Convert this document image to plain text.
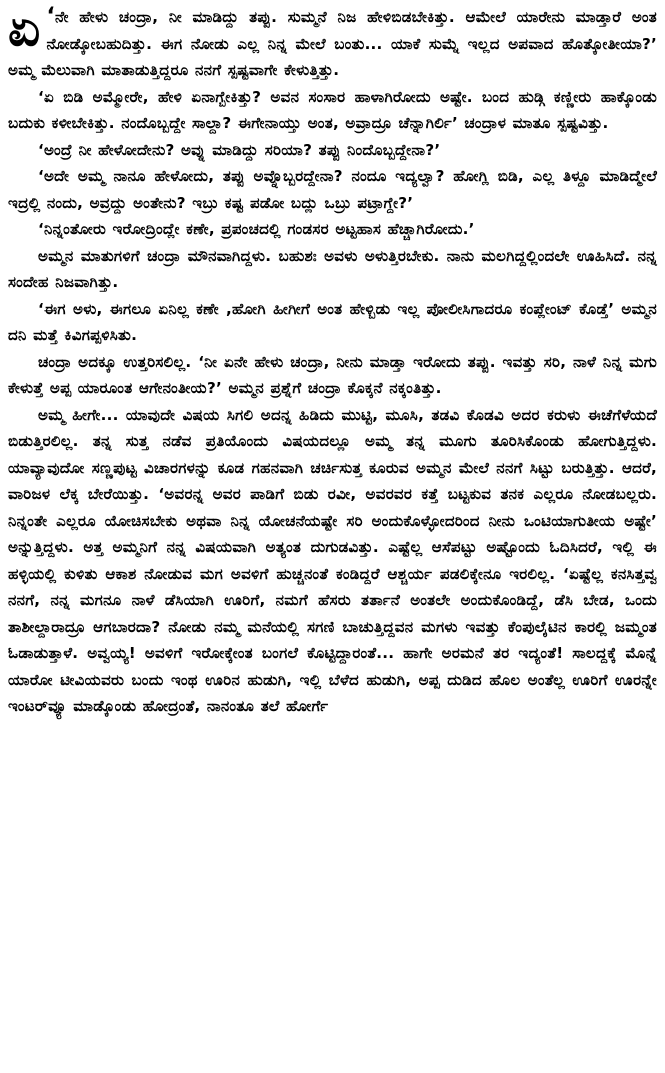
‘
ಏ ನೇ ಹೇಳು ಚಂದ್ರಾ, ನೀ ಮಾಡಿದ್ದು ತಪ್ಪು. ಸುಮ್ಮನೆ ನಿಜ ಹೇಳಿಬಿಡಬೇಕಿತ್ತು. ಆಮೇಲೆ ಯಾರೇನು ಮಾಡ್ತಾರೆ ಅಂತ ನೋಡ್ಕೋಬಹುದಿತ್ತು. ಈಗ ನೋಡು ಎಲ್ಲ ನಿನ್ನ ಮೇಲೆ ಬಂತು... ಯಾಕೆ ಸುಮ್ನೆ ಇಲ್ಲದ ಅಪವಾದ ಹೊತ್ಕೋತೀಯಾ?’ ಅಮ್ಮ ಮೆಲುವಾಗಿ ಮಾತಾಡುತ್ತಿದ್ದರೂ ನನಗೆ ಸ್ಪಷ್ಟವಾಗೇ ಕೇಳುತ್ತಿತ್ತು.

‘ಏ ಬಿಡಿ ಅಮ್ಮೋರೇ, ಹೇಳಿ ಏನಾಗ್ಬೇಕಿತ್ತು? ಅವನ ಸಂಸಾರ ಹಾಳಾಗಿರೋದು ಅಷ್ಟೇ. ಬಂದ ಹುಡ್ಗಿ ಕಣ್ಣೀರು ಹಾಕ್ಕೊಂಡು ಬದುಕು ಕಳೀಬೇಕಿತ್ತು. ನಂದೊಬ್ಬದ್ದೇ ಸಾಲ್ದಾ? ಈಗೇನಾಯ್ತು ಅಂತ, ಅವ್ರಾದ್ರೂ ಚೆನ್ನಾಗಿರ್ಲಿ’ ಚಂದ್ರಾಳ ಮಾತೂ ಸ್ಪಷ್ಟವಿತ್ತು.

‘ಅಂದ್ರೆ ನೀ ಹೇಳೋದೇನು? ಅವ್ನು ಮಾಡಿದ್ದು ಸರಿಯಾ? ತಪ್ಪು ನಿಂದೊಬ್ಬದ್ದೇನಾ?’

‘ಅದೇ ಅಮ್ಮ ನಾನೂ ಹೇಳೋದು, ತಪ್ಪು ಅವ್ನೊಬ್ಬರದ್ದೇನಾ? ನಂದೂ ಇದ್ಯಲ್ವಾ? ಹೋಗ್ಲಿ ಬಿಡಿ, ಎಲ್ಲ ತಿಳ್ದೂ ಮಾಡಿದ್ಮೇಲೆ ಇದ್ರಲ್ಲಿ ನಂದು, ಅವ್ರದ್ದು ಅಂತೇನು? ಇಬ್ರು ಕಷ್ಟ ಪಡೋ ಬದ್ಲು ಒಬ್ರು ಪಟ್ರಾಗ್ದೇ?’

‘ನಿನ್ನಂತೋರು ಇರೋದ್ರಿಂದ್ಲೇ ಕಣೇ, ಪ್ರಪಂಚದಲ್ಲಿ ಗಂಡಸರ ಅಟ್ಟಹಾಸ ಹೆಚ್ಚಾಗಿರೋದು.’

ಅಮ್ಮನ ಮಾತುಗಳಿಗೆ ಚಂದ್ರಾ ಮೌನವಾಗಿದ್ದಳು. ಬಹುಶಃ ಅವಳು ಅಳುತ್ತಿರಬೇಕು. ನಾನು ಮಲಗಿದ್ದಲ್ಲಿಂದಲೇ ಊಹಿಸಿದೆ. ನನ್ನ ಸಂದೇಹ ನಿಜವಾಗಿತ್ತು.

‘ಈಗ ಅಳು, ಈಗಲೂ ಏನಿಲ್ಲ ಕಣೇ ,ಹೋಗಿ ಹೀಗೀಗೆ ಅಂತ ಹೇಳ್ಬಿಡು ಇಲ್ಲ ಪೋಲೀಸಿಗಾದರೂ ಕಂಪ್ಲೇಂಟ್ ಕೊಡ್ತೆ’ ಅಮ್ಮನ ದನಿ ಮತ್ತೆ ಕಿವಿಗಪ್ಪಳಿಸಿತು.

ಚಂದ್ರಾ ಅದಕ್ಕೂ ಉತ್ತರಿಸಲಿಲ್ಲ. ‘ನೀ ಏನೇ ಹೇಳು ಚಂದ್ರಾ, ನೀನು ಮಾಡ್ತಾ ಇರೋದು ತಪ್ಪು. ಇವತ್ತು ಸರಿ, ನಾಳೆ ನಿನ್ನ ಮಗು ಕೇಳುತ್ತೆ ಅಪ್ಪ ಯಾರೂಂತ ಆಗೇನಂತೀಯ?’ ಅಮ್ಮನ ಪ್ರಶ್ನೆಗೆ ಚಂದ್ರಾ ಕೊಕ್ಕನೆ ನಕ್ಕಂತಿತ್ತು.

ಅಮ್ಮ ಹೀಗೇ... ಯಾವುದೇ ವಿಷಯ ಸಿಗಲಿ ಅದನ್ನ ಹಿಡಿದು ಮುಟ್ಟಿ, ಮೂಸಿ, ತಡವಿ ಕೊಡವಿ ಅದರ ಕರುಳು ಈಚೆಗೆಳೆಯದೆ ಬಿಡುತ್ತಿರಲಿಲ್ಲ. ತನ್ನ ಸುತ್ತ ನಡೆವ ಪ್ರತಿಯೊಂದು ವಿಷಯದಲ್ಲೂ ಅಮ್ಮ ತನ್ನ ಮೂಗು ತೂರಿಸಿಕೊಂಡು ಹೋಗುತ್ತಿದ್ದಳು. ಯಾವ್ಯಾವುದೋ ಸಣ್ಣಪುಟ್ಟ ವಿಚಾರಗಳನ್ನು ಕೂಡ ಗಹನವಾಗಿ ಚರ್ಚಿಸುತ್ತ ಕೂರುವ ಅಮ್ಮನ ಮೇಲೆ ನನಗೆ ಸಿಟ್ಟು ಬರುತ್ತಿತ್ತು. ಆದರೆ, ವಾರಿಜಳ ಲೆಕ್ಕ ಬೇರೆಯಿತ್ತು. ‘ಅವರನ್ನ ಅವರ ಪಾಡಿಗೆ ಬಿಡು ರವೀ, ಅವರವರ ಕತ್ತೆ ಬಟ್ಟಕುವ ತನಕ ಎಲ್ಲರೂ ನೋಡಬಲ್ಲರು. ನಿನ್ನಂತೇ ಎಲ್ಲರೂ ಯೋಚಿಸಬೇಕು ಅಥವಾ ನಿನ್ನ ಯೋಚನೆಯಷ್ಟೇ ಸರಿ ಅಂದುಕೊಳ್ಳೋದರಿಂದ ನೀನು ಒಂಟಿಯಾಗುತೀಯ ಅಷ್ಟೇ’ ಅನ್ನುತ್ತಿದ್ದಳು. ಅತ್ತ ಅಮ್ಮನಿಗೆ ನನ್ನ ವಿಷಯವಾಗಿ ಅತ್ಯಂತ ದುಗುಡವಿತ್ತು. ಎಷ್ಟೆಲ್ಲ ಆಸೆಪಟ್ಟು ಅಷ್ಟೊಂದು ಓದಿಸಿದರೆ, ಇಲ್ಲಿ ಈ ಹಳ್ಳಿಯಲ್ಲಿ ಕುಳಿತು ಆಕಾಶ ನೋಡುವ ಮಗ ಅವಳಿಗೆ ಹುಚ್ಚನಂತೆ ಕಂಡಿದ್ದರೆ ಆಶ್ಚರ್ಯ ಪಡಲಿಕ್ಕೇನೂ ಇರಲಿಲ್ಲ. ‘ಏಷ್ಟೆಲ್ಲ ಕನಸಿತ್ತವ್ವ ನನಗೆ, ನನ್ನ ಮಗನೂ ನಾಳೆ ಡೆಸಿಯಾಗಿ ಊರಿಗೆ, ನಮಗೆ ಹೆಸರು ತರ್ತಾನೆ ಅಂತಲೇ ಅಂದುಕೊಂಡಿದ್ದೆ, ಡೆಸಿ ಬೇಡ, ಒಂದು ತಾಶೀಲ್ದಾರಾದ್ರೂ ಆಗಬಾರದಾ? ನೋಡು ನಮ್ಮ ಮನೆಯಲ್ಲಿ ಸಗಣಿ ಬಾಚುತ್ತಿದ್ದವನ ಮಗಳು ಇವತ್ತು ಕೆಂಪುಲೈಟಿನ ಕಾರಲ್ಲಿ ಜಮ್ಮಂತ ಓಡಾಡುತ್ತಾಳೆ. ಅವ್ವಯ್ಯ! ಅವಳಿಗೆ ಇರೋಕ್ಕೇಂತ ಬಂಗಲೆ ಕೊಟ್ಟಿದ್ದಾರಂತೆ... ಹಾಗೇ ಅರಮನೆ ತರ ಇದ್ಯಂತೆ! ಸಾಲದ್ದಕ್ಕೆ ಮೊನ್ನೆ ಯಾರೋ ಟೀವಿಯವರು ಬಂದು ಇಂಥ ಊರಿನ ಹುಡುಗಿ, ಇಲ್ಲಿ ಬೆಳೆದ ಹುಡುಗಿ, ಅಪ್ಪ ದುಡಿದ ಹೊಲ ಅಂತೆಲ್ಲ ಊರಿಗೆ ಊರನ್ನೇ ಇಂಟರ್‌ವ್ಯೂ ಮಾಡ್ಕೊಂಡು ಹೋದ್ರಂತೆ, ನಾನಂತೂ ತಲೆ ಹೋರ್ಗೆ
